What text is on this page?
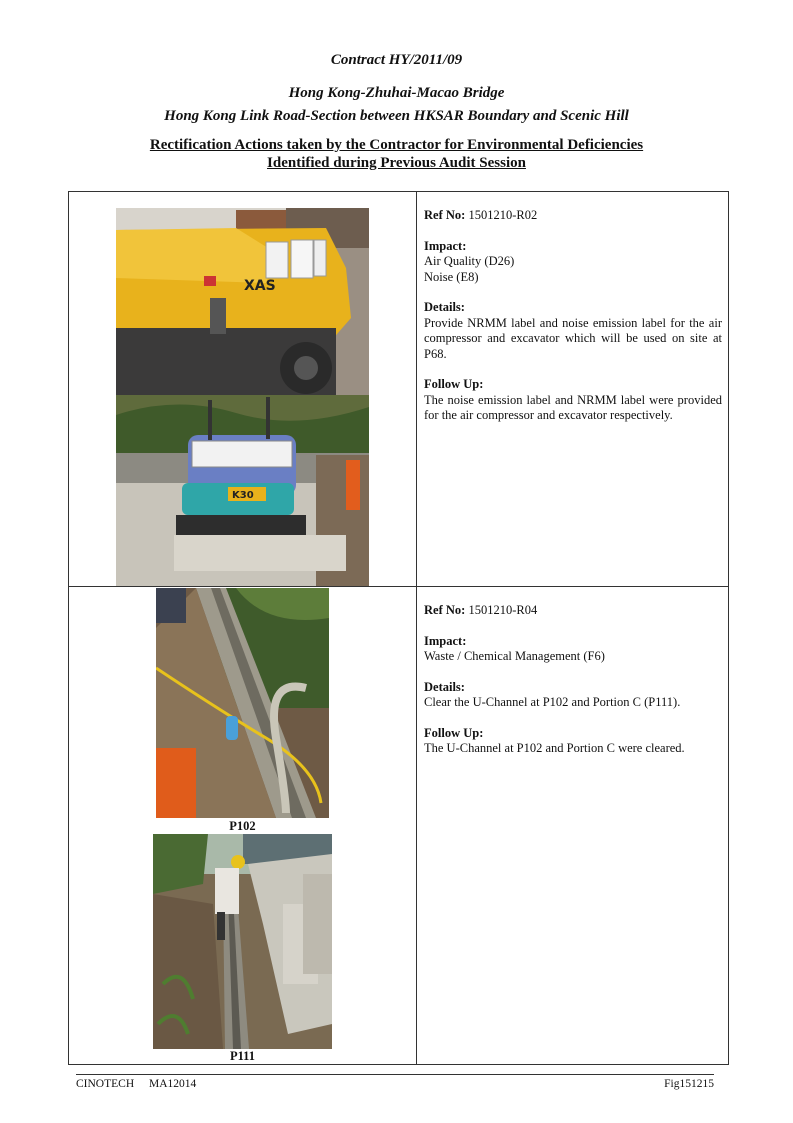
Contract HY/2011/09
Hong Kong-Zhuhai-Macao Bridge
Hong Kong Link Road-Section between HKSAR Boundary and Scenic Hill
Rectification Actions taken by the Contractor for Environmental Deficiencies
Identified during Previous Audit Session
XAS
K30
Ref No: 1501210-R02
Impact:
Air Quality (D26)
Noise (E8)
Details:
Provide NRMM label and noise emission label for the air compressor and excavator which will be used on site at P68.
Follow Up:
The noise emission label and NRMM label were provided for the air compressor and excavator respectively.
P102
P111
Ref No: 1501210-R04
Impact:
Waste / Chemical Management (F6)
Details:
Clear the U-Channel at P102 and Portion C (P111).
Follow Up:
The U-Channel at P102 and Portion C were cleared.
CINOTECH MA12014	Fig151215
